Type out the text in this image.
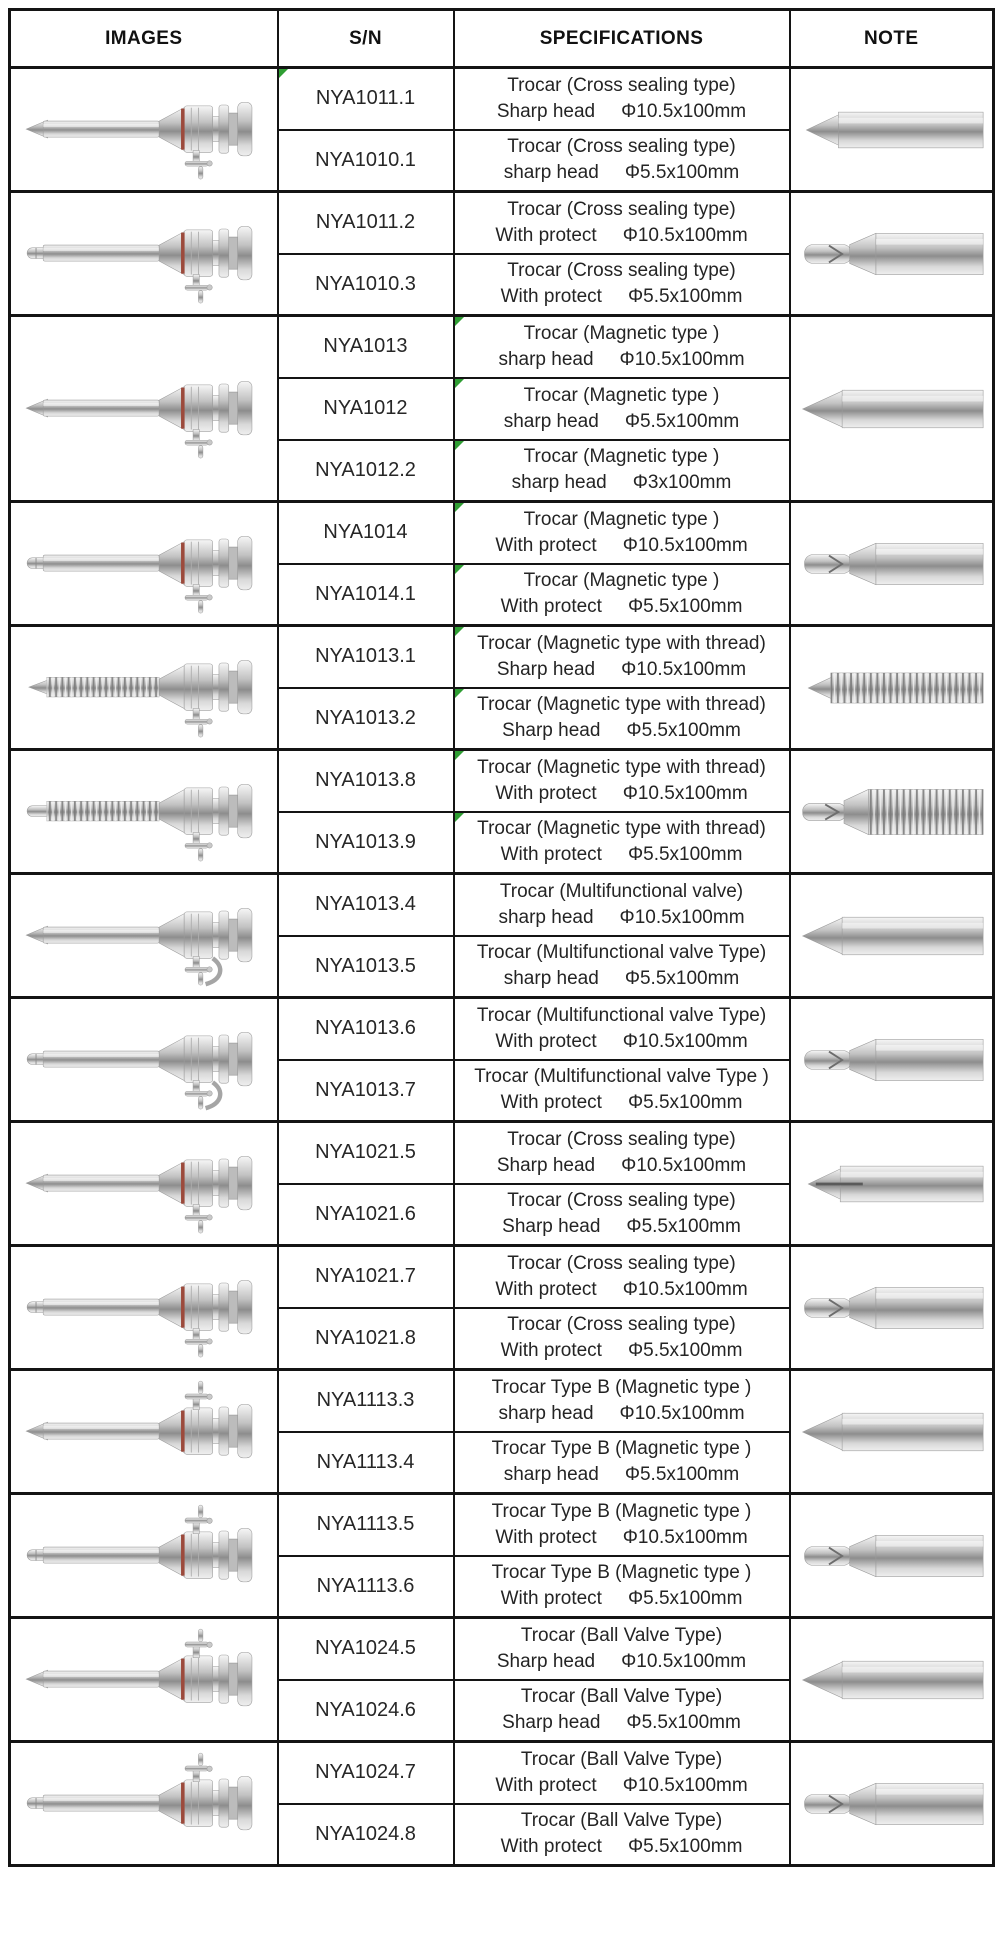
IMAGES	S/N	SPECIFICATIONS	NOTE

NYA1011.1	Trocar (Cross sealing type)
Sharp head Φ10.5x100mm

	NYA1010.1	Trocar (Cross sealing type)
sharp head Φ5.5x100mm	

NYA1011.2	Trocar (Cross sealing type)
With protect Φ10.5x100mm

	NYA1010.3	Trocar (Cross sealing type)
With protect Φ5.5x100mm	

NYA1013	Trocar (Magnetic type )
sharp head Φ10.5x100mm

	NYA1012	Trocar (Magnetic type )
sharp head Φ5.5x100mm	

	NYA1012.2	Trocar (Magnetic type )
sharp head Φ3x100mm	

NYA1014	Trocar (Magnetic type )
With protect Φ10.5x100mm

	NYA1014.1	Trocar (Magnetic type )
With protect Φ5.5x100mm	

NYA1013.1	Trocar (Magnetic type with thread)
Sharp head Φ10.5x100mm

	NYA1013.2	Trocar (Magnetic type with thread)
Sharp head Φ5.5x100mm	

NYA1013.8	Trocar (Magnetic type with thread)
With protect Φ10.5x100mm

	NYA1013.9	Trocar (Magnetic type with thread)
With protect Φ5.5x100mm	

NYA1013.4	Trocar (Multifunctional valve)
sharp head Φ10.5x100mm

	NYA1013.5	Trocar (Multifunctional valve Type)
sharp head Φ5.5x100mm	

NYA1013.6	Trocar (Multifunctional valve Type)
With protect Φ10.5x100mm

	NYA1013.7	Trocar (Multifunctional valve Type )
With protect Φ5.5x100mm	

NYA1021.5	Trocar (Cross sealing type)
Sharp head Φ10.5x100mm

	NYA1021.6	Trocar (Cross sealing type)
Sharp head Φ5.5x100mm	

NYA1021.7	Trocar (Cross sealing type)
With protect Φ10.5x100mm

	NYA1021.8	Trocar (Cross sealing type)
With protect Φ5.5x100mm	

NYA1113.3	Trocar Type B (Magnetic type )
sharp head Φ10.5x100mm

	NYA1113.4	Trocar Type B (Magnetic type )
sharp head Φ5.5x100mm	

NYA1113.5	Trocar Type B (Magnetic type )
With protect Φ10.5x100mm

	NYA1113.6	Trocar Type B (Magnetic type )
With protect Φ5.5x100mm	

NYA1024.5	Trocar (Ball Valve Type)
Sharp head Φ10.5x100mm

	NYA1024.6	Trocar (Ball Valve Type)
Sharp head Φ5.5x100mm	

NYA1024.7	Trocar (Ball Valve Type)
With protect Φ10.5x100mm

	NYA1024.8	Trocar (Ball Valve Type)
With protect Φ5.5x100mm	
